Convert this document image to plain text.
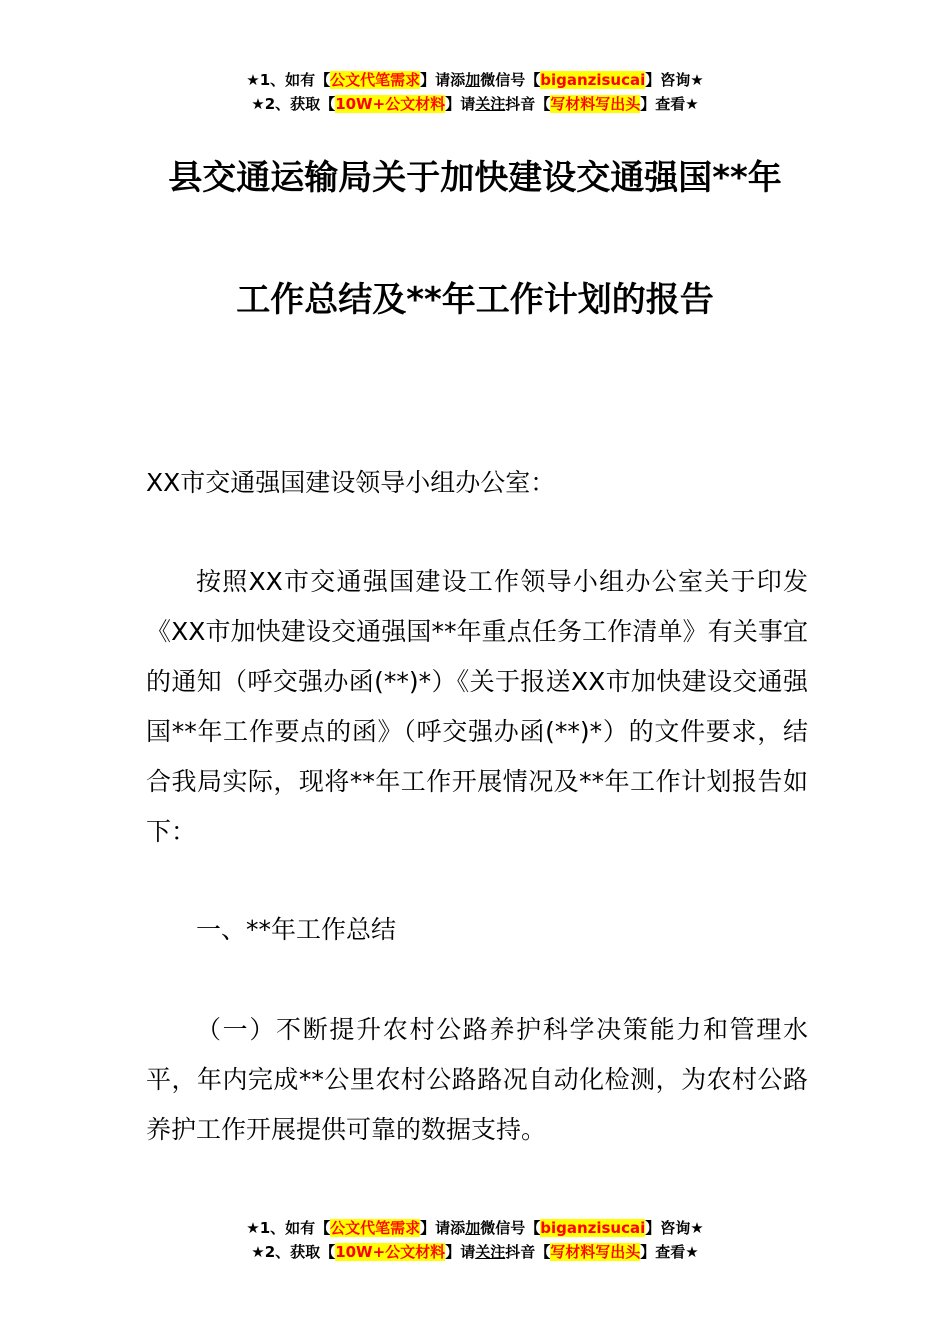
★1、如有【公文代笔需求】请添加微信号【biganzisucai】咨询★
★2、获取【10W+公文材料】请关注抖音【写材料写出头】查看★
县交通运输局关于加快建设交通强国**年
工作总结及**年工作计划的报告

XX市交通强国建设领导小组办公室：

按照XX市交通强国建设工作领导小组办公室关于印发《XX市加快建设交通强国**年重点任务工作清单》有关事宜的通知（呼交强办函(**)*）《关于报送XX市加快建设交通强国**年工作要点的函》（呼交强办函(**)*）的文件要求，结合我局实际，现将**年工作开展情况及**年工作计划报告如下：

一、**年工作总结

（一）不断提升农村公路养护科学决策能力和管理水平，年内完成**公里农村公路路况自动化检测，为农村公路养护工作开展提供可靠的数据支持。

★1、如有【公文代笔需求】请添加微信号【biganzisucai】咨询★
★2、获取【10W+公文材料】请关注抖音【写材料写出头】查看★
